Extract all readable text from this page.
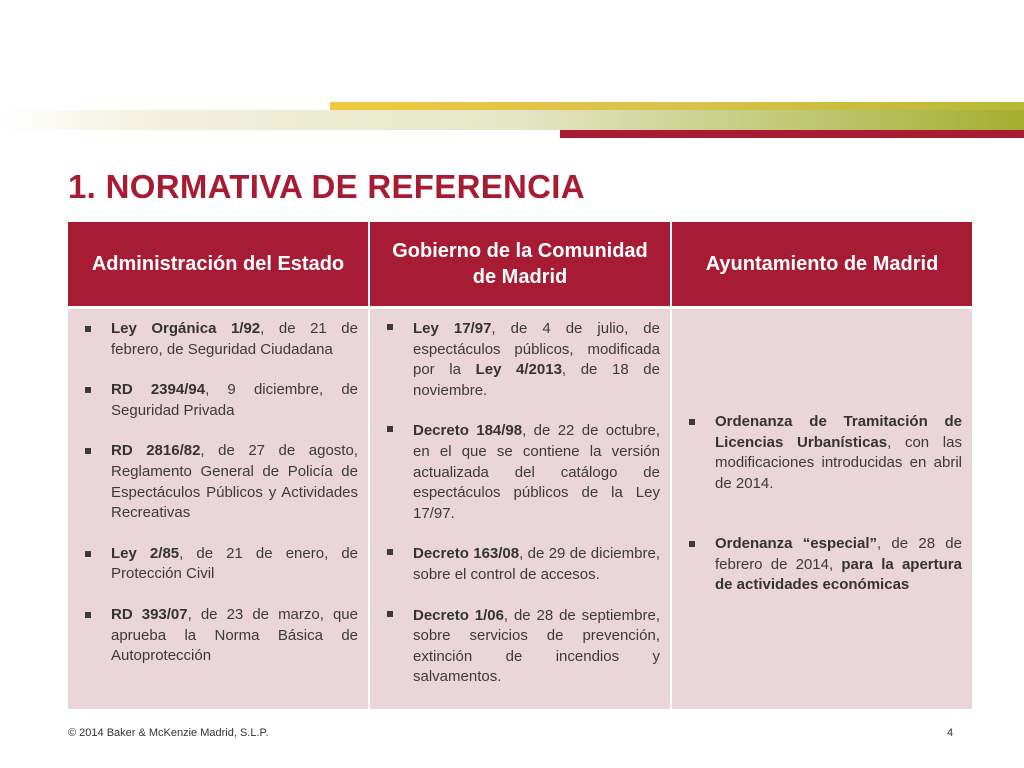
1. NORMATIVA DE REFERENCIA
Administración del Estado
Gobierno de la Comunidad de Madrid
Ayuntamiento de Madrid
Ley Orgánica 1/92, de 21 de febrero, de Seguridad Ciudadana
RD 2394/94, 9 diciembre, de Seguridad Privada
RD 2816/82, de 27 de agosto, Reglamento General de Policía de Espectáculos Públicos y Actividades Recreativas
Ley 2/85, de 21 de enero, de Protección Civil
RD 393/07, de 23 de marzo, que aprueba la Norma Básica de Autoprotección
Ley 17/97, de 4 de julio, de espectáculos públicos, modificada por la Ley 4/2013, de 18 de noviembre.
Decreto 184/98, de 22 de octubre, en el que se contiene la versión actualizada del catálogo de espectáculos públicos de la Ley 17/97.
Decreto 163/08, de 29 de diciembre, sobre el control de accesos.
Decreto 1/06, de 28 de septiembre, sobre servicios de prevención, extinción de incendios y salvamentos.
Ordenanza de Tramitación de Licencias Urbanísticas, con las modificaciones introducidas en abril de 2014.
Ordenanza “especial”, de 28 de febrero de 2014, para la apertura de actividades económicas
© 2014 Baker & McKenzie Madrid, S.L.P.	4
